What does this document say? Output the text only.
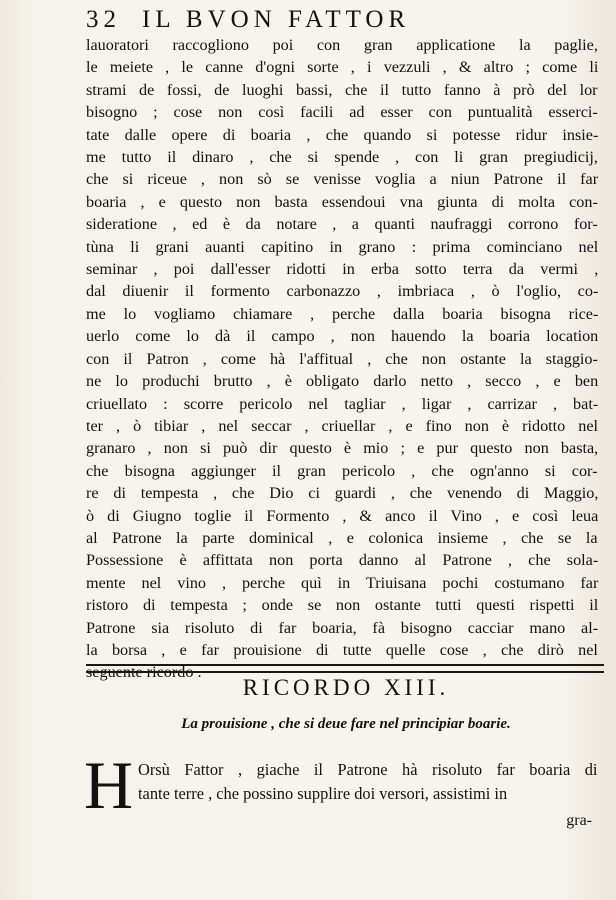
32 IL BVON FATTOR
lauoratori raccogliono poi con gran applicatione la paglie,
le meiete , le canne d'ogni sorte , i vezzuli , & altro ; come li
strami de fossi, de luoghi bassi, che il tutto fanno à prò del lor
bisogno ; cose non così facili ad esser con puntualità esserci-
tate dalle opere di boaria , che quando si potesse ridur insie-
me tutto il dinaro , che si spende , con li gran pregiudicij,
che si riceue , non sò se venisse voglia a niun Patrone il far
boaria , e questo non basta essendoui vna giunta di molta con-
sideratione , ed è da notare , a quanti naufraggi corrono for-
tùna li grani auanti capitino in grano : prima cominciano nel
seminar , poi dall'esser ridotti in erba sotto terra da vermi ,
dal diuenir il formento carbonazzo , imbriaca , ò l'oglio, co-
me lo vogliamo chiamare , perche dalla boaria bisogna rice-
uerlo come lo dà il campo , non hauendo la boaria location
con il Patron , come hà l'affitual , che non ostante la staggio-
ne lo produchi brutto , è obligato darlo netto , secco , e ben
criuellato : scorre pericolo nel tagliar , ligar , carrizar , bat-
ter , ò tibiar , nel seccar , criuellar , e fino non è ridotto nel
granaro , non si può dir questo è mio ; e pur questo non basta,
che bisogna aggiunger il gran pericolo , che ogn'anno si cor-
re di tempesta , che Dio ci guardi , che venendo di Maggio,
ò di Giugno toglie il Formento , & anco il Vino , e così leua
al Patrone la parte dominical , e colonica insieme , che se la
Possessione è affittata non porta danno al Patrone , che sola-
mente nel vino , perche quì in Triuisana pochi costumano far
ristoro di tempesta ; onde se non ostante tutti questi rispetti il
Patrone sia risoluto di far boaria, fà bisogno cacciar mano al-
la borsa , e far prouisione di tutte quelle cose , che dirò nel
seguente ricordo .
RICORDO XIII.
La prouisione , che si deue fare nel principiar boarie.
H Orsù Fattor , giache il Patrone hà risoluto far boaria di
tante terre , che possino supplire doi versori, assistimi in
gra-
